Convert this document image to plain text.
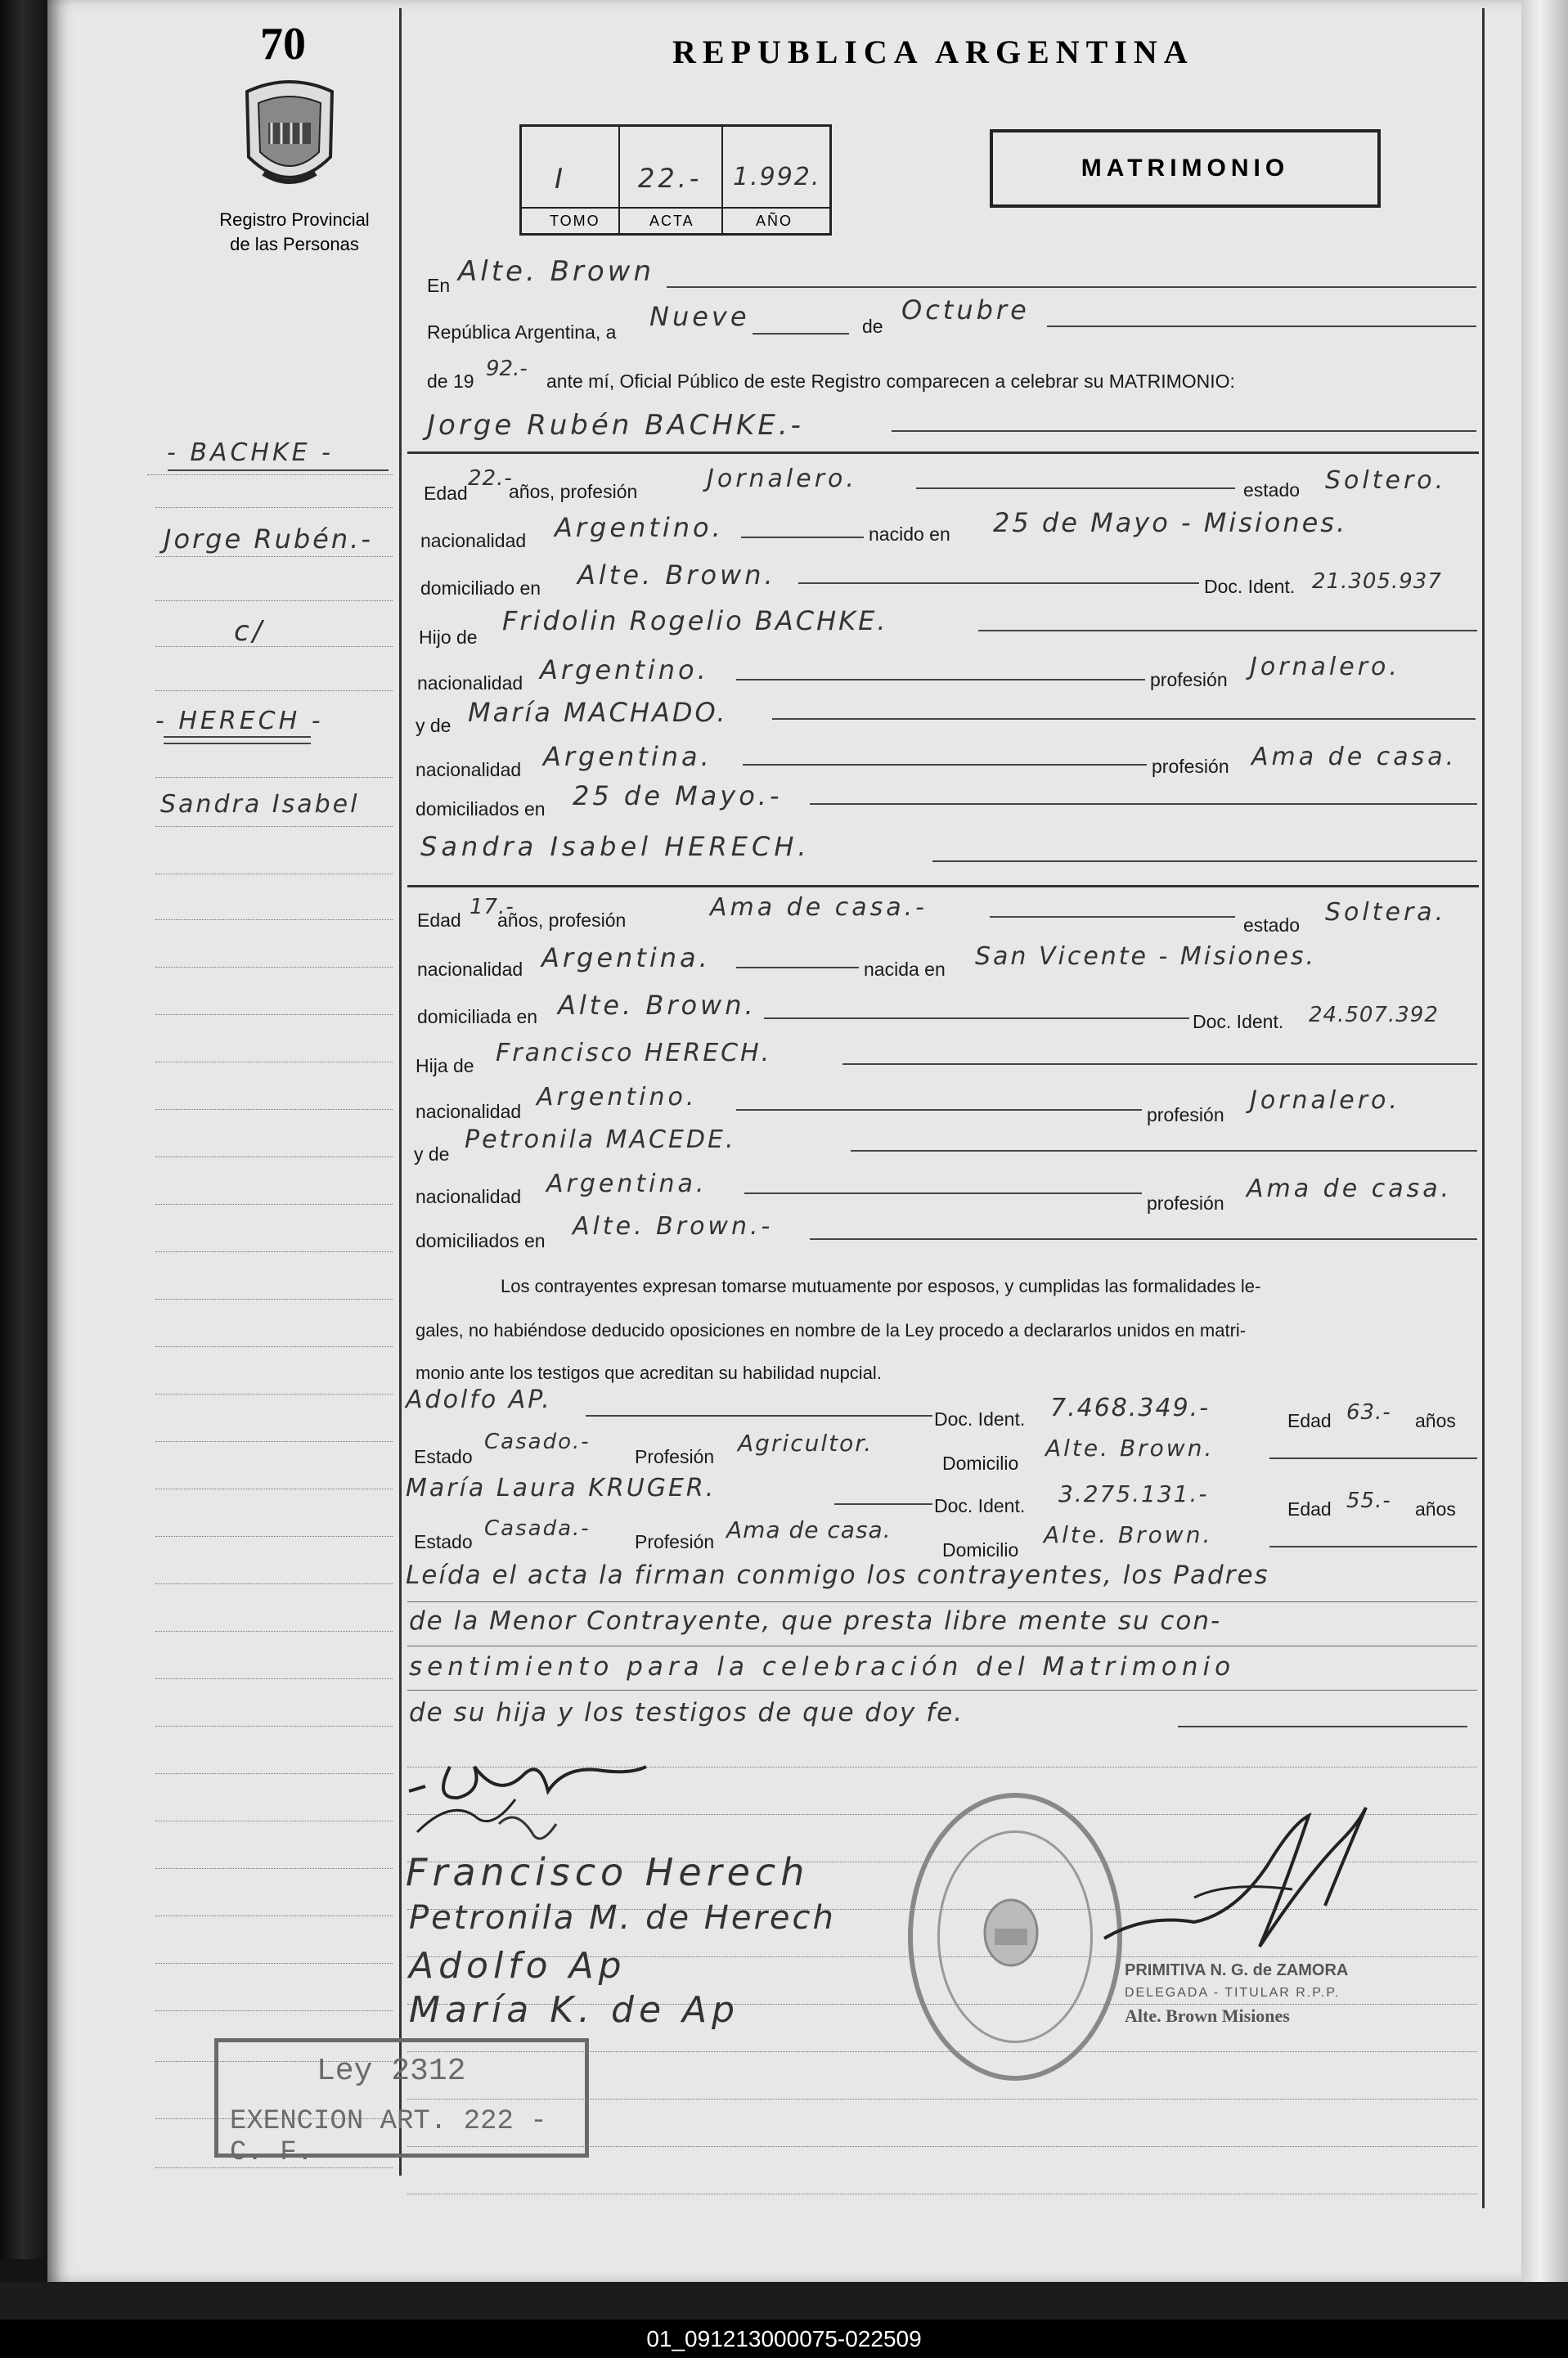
70
Registro Provincial
de las Personas
REPUBLICA ARGENTINA
I	22.- 1.992.
TOMO	ACTA	AÑO
MATRIMONIO
En Alte. Brown
República Argentina, a Nueve	de
Octubre
de 19 92.- ante mí, Oficial Público de este Registro comparecen a celebrar su MATRIMONIO:
- BACHKE -
Jorge Rubén.-
c/
- HERECH -
Sandra Isabel
Jorge Rubén BACHKE.-
Edad
22.-
años, profesión	Jornalero.	estado Soltero.
nacionalidad Argentino.	nacido en 25 de Mayo - Misiones.
domiciliado en Alte. Brown.	Doc. Ident. 21.305.937
Hijo de
Fridolin Rogelio BACHKE.
nacionalidad Argentino.	profesión Jornalero.
y de María MACHADO.
nacionalidad Argentina.	profesión Ama de casa.
domiciliados en 25 de Mayo.-
Sandra Isabel HERECH.
Edad
17.-
años, profesión	Ama de casa.-
estado Soltera.
nacionalidad Argentina.	nacida en San Vicente - Misiones.
domiciliada en Alte. Brown.
Doc. Ident. 24.507.392
Hija de Francisco HERECH.
nacionalidad Argentino.
profesión Jornalero.
y de Petronila MACEDE.
nacionalidad Argentina.
profesión Ama de casa.
domiciliados en Alte. Brown.-
Los contrayentes expresan tomarse mutuamente por esposos, y cumplidas las formalidades le-
gales, no habiéndose deducido oposiciones en nombre de la Ley procedo a declararlos unidos en matri-
monio ante los testigos que acreditan su habilidad nupcial.
Adolfo AP.
Doc. Ident. 7.468.349.-	Edad 63.- años
Estado
Casado.-
Profesión Agricultor.
Domicilio
Alte. Brown.
María Laura KRUGER.
Doc. Ident. 3.275.131.-
Edad 55.- años
Estado
Casada.-
Profesión Ama de casa.
Domicilio
Alte. Brown.
Leída el acta la firman conmigo los contrayentes, los Padres
de la Menor Contrayente, que presta libre mente su con-
sentimiento para la celebración del Matrimonio
de su hija y los testigos de que doy fe.
Francisco Herech
Petronila M. de Herech
Adolfo Ap
María K. de Ap
PRIMITIVA N. G. de ZAMORA
DELEGADA - TITULAR R.P.P.
Alte. Brown Misiones
Ley 2312
EXENCION ART. 222 - C. F.
01_091213000075-022509
